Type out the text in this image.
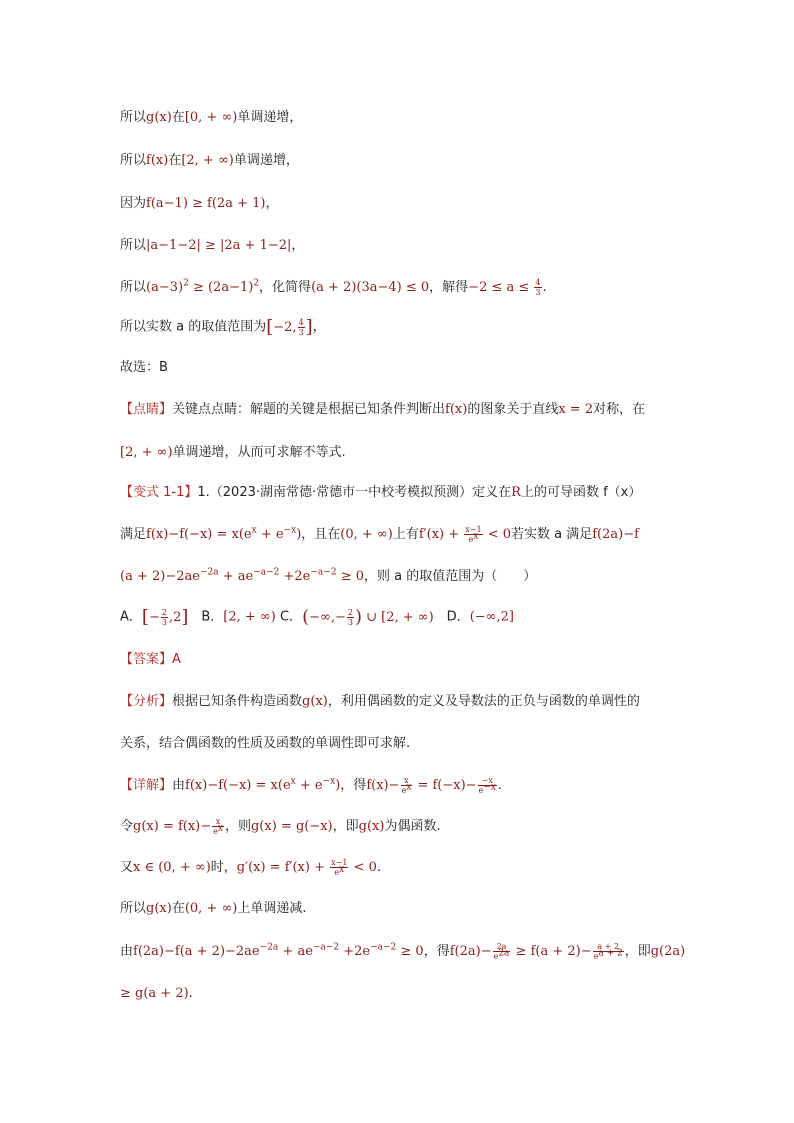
所以g(x)在[0, + ∞)单调递增，
所以f(x)在[2, + ∞)单调递增，
因为f(a−1) ≥ f(2a + 1)，
所以|a−1−2| ≥ |2a + 1−2|，
所以$(a-3)^2 \ge (2a-1)^2$，化简得(a + 2)(3a−4) ≤ 0，解得$-2 \le a \le \frac{4}{3}$ .
所以实数 a 的取值范围为[−2, $\frac{4}{3}$ ]，
故选：B
【点睛】关键点点睛：解题的关键是根据已知条件判断出f(x)的图象关于直线x = 2对称，在
[2, + ∞)单调递增，从而可求解不等式.
【变式 1-1】1.（2023·湖南常德·常德市一中校考模拟预测）定义在R上的可导函数 f（x）
满足$f(x)-f(-x) = x(e^x + e^{-x})$，且在(0, + ∞)上有$f'(x) + \frac{x-1}{e^x} < 0$若实数 a 满足f(2a)−f
$(a + 2)-2ae^{-2a} + ae^{-a-2} +2e^{-a-2} \ge 0$，则 a 的取值范围为（　　）
A．[− $\frac{2}{3} ,2$]　B．[2, + ∞) C．(−∞,− $\frac{2}{3}$ ) ∪ [2, + ∞)　D．(−∞,2]
【答案】A
【分析】根据已知条件构造函数g(x)，利用偶函数的定义及导数法的正负与函数的单调性的
关系，结合偶函数的性质及函数的单调性即可求解.
【详解】由$f(x)-f(-x) = x(e^x + e^{-x})$，得$f(x)- \frac{x}{e^x} = f(-x)- \frac{-x}{e^{-x}}$ .
令$g(x) = f(x)- \frac{x}{e^x}$ ，则g(x) = g(−x)，即g(x)为偶函数.
又x ∈ (0, + ∞)时，$g'(x) = f'(x) + \frac{x-1}{e^x} < 0$.
所以g(x)在(0, + ∞)上单调递减.
由$f(2a)-f(a + 2)-2ae^{-2a} + ae^{-a-2} +2e^{-a-2} \ge 0$，得$f(2a)- \frac{2a}{e^{2a}} \ge f(a + 2)- \frac{a + 2}{e^{a + 2}}$ ，即g(2a)
≥ g(a + 2).
